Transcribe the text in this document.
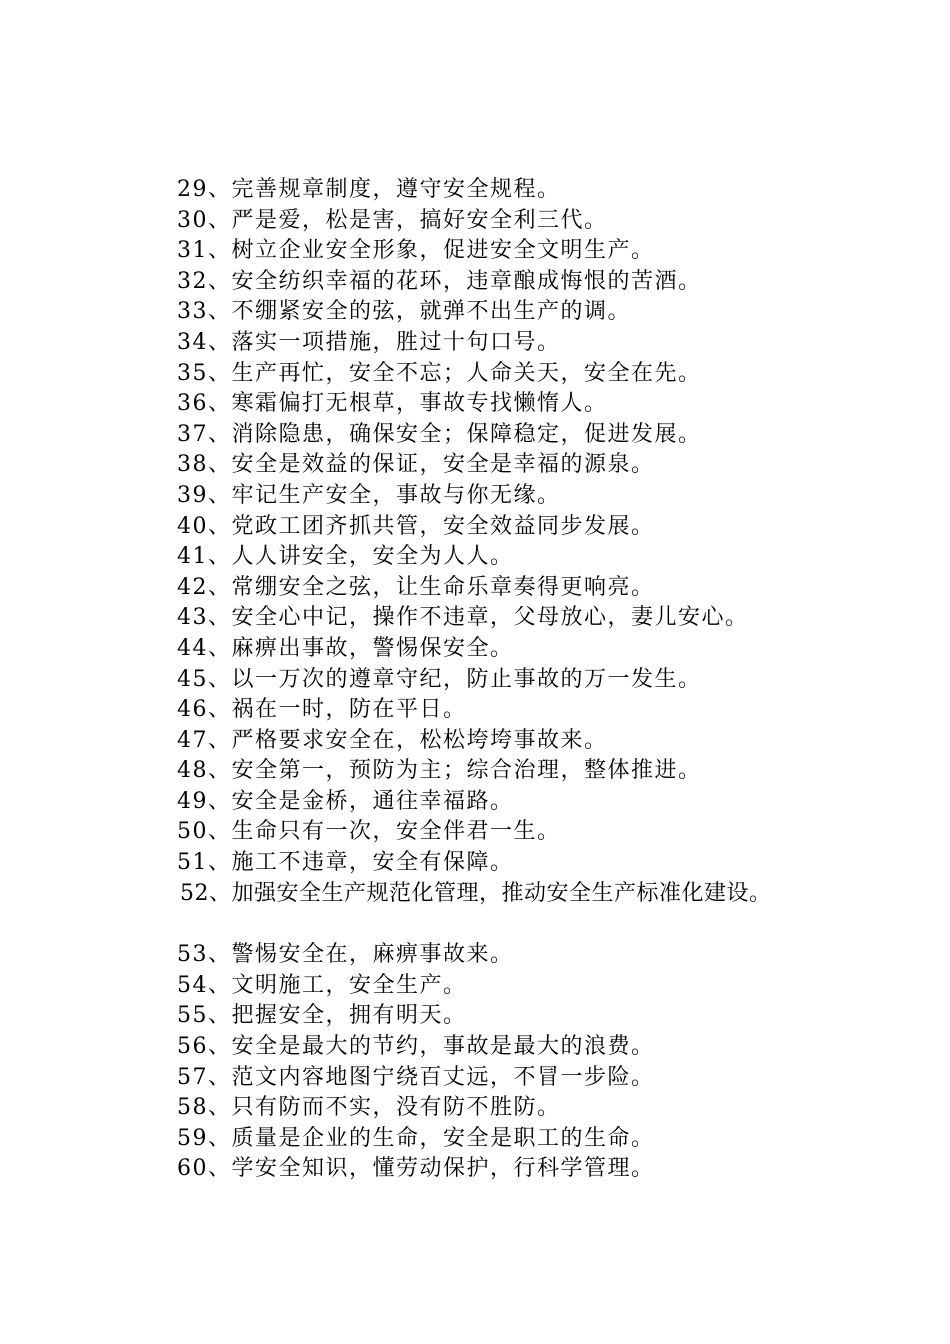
29、完善规章制度，遵守安全规程。
30、严是爱，松是害，搞好安全利三代。
31、树立企业安全形象，促进安全文明生产。
32、安全纺织幸福的花环，违章酿成悔恨的苦酒。
33、不绷紧安全的弦，就弹不出生产的调。
34、落实一项措施，胜过十句口号。
35、生产再忙，安全不忘；人命关天，安全在先。
36、寒霜偏打无根草，事故专找懒惰人。
37、消除隐患，确保安全；保障稳定，促进发展。
38、安全是效益的保证，安全是幸福的源泉。
39、牢记生产安全，事故与你无缘。
40、党政工团齐抓共管，安全效益同步发展。
41、人人讲安全，安全为人人。
42、常绷安全之弦，让生命乐章奏得更响亮。
43、安全心中记，操作不违章，父母放心，妻儿安心。
44、麻痹出事故，警惕保安全。
45、以一万次的遵章守纪，防止事故的万一发生。
46、祸在一时，防在平日。
47、严格要求安全在，松松垮垮事故来。
48、安全第一，预防为主；综合治理，整体推进。
49、安全是金桥，通往幸福路。
50、生命只有一次，安全伴君一生。
51、施工不违章，安全有保障。
52、加强安全生产规范化管理，推动安全生产标准化建设。
53、警惕安全在，麻痹事故来。
54、文明施工，安全生产。
55、把握安全，拥有明天。
56、安全是最大的节约，事故是最大的浪费。
57、范文内容地图宁绕百丈远，不冒一步险。
58、只有防而不实，没有防不胜防。
59、质量是企业的生命，安全是职工的生命。
60、学安全知识，懂劳动保护，行科学管理。
